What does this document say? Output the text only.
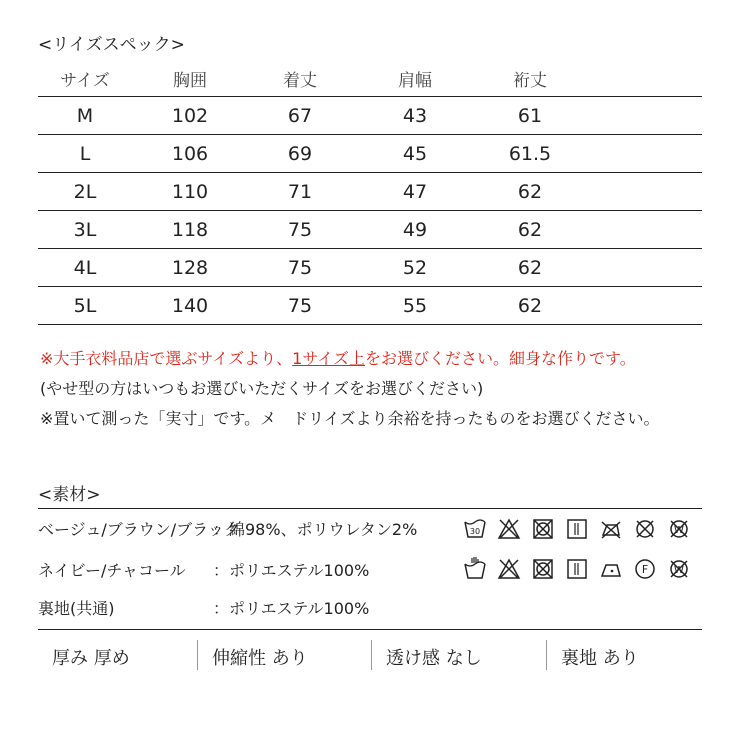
<リイズスペック>
サイズ	胸囲	着丈	肩幅	裄丈
M	102	67	43	61
L	106	69	45	61.5
2L	110	71	47	62
3L	118	75	49	62
4L	128	75	52	62
5L	140	75	55	62
※大手衣料品店で選ぶサイズより、1サイズ上をお選びください。細身な作りです。
(やせ型の方はいつもお選びいただくサイズをお選びください)
※置いて測った「実寸」です。メ　ドリイズより余裕を持ったものをお選びください。
<素材>
ベージュ/ブラウン/ブラック
：綿98%、ポリウレタン2%
ネイビー/チャコール ：ポリエステル100%
裏地(共通)	：ポリエステル100%
30	W
F	W
厚み 厚め	伸縮性 あり	透け感 なし	裏地 あり
